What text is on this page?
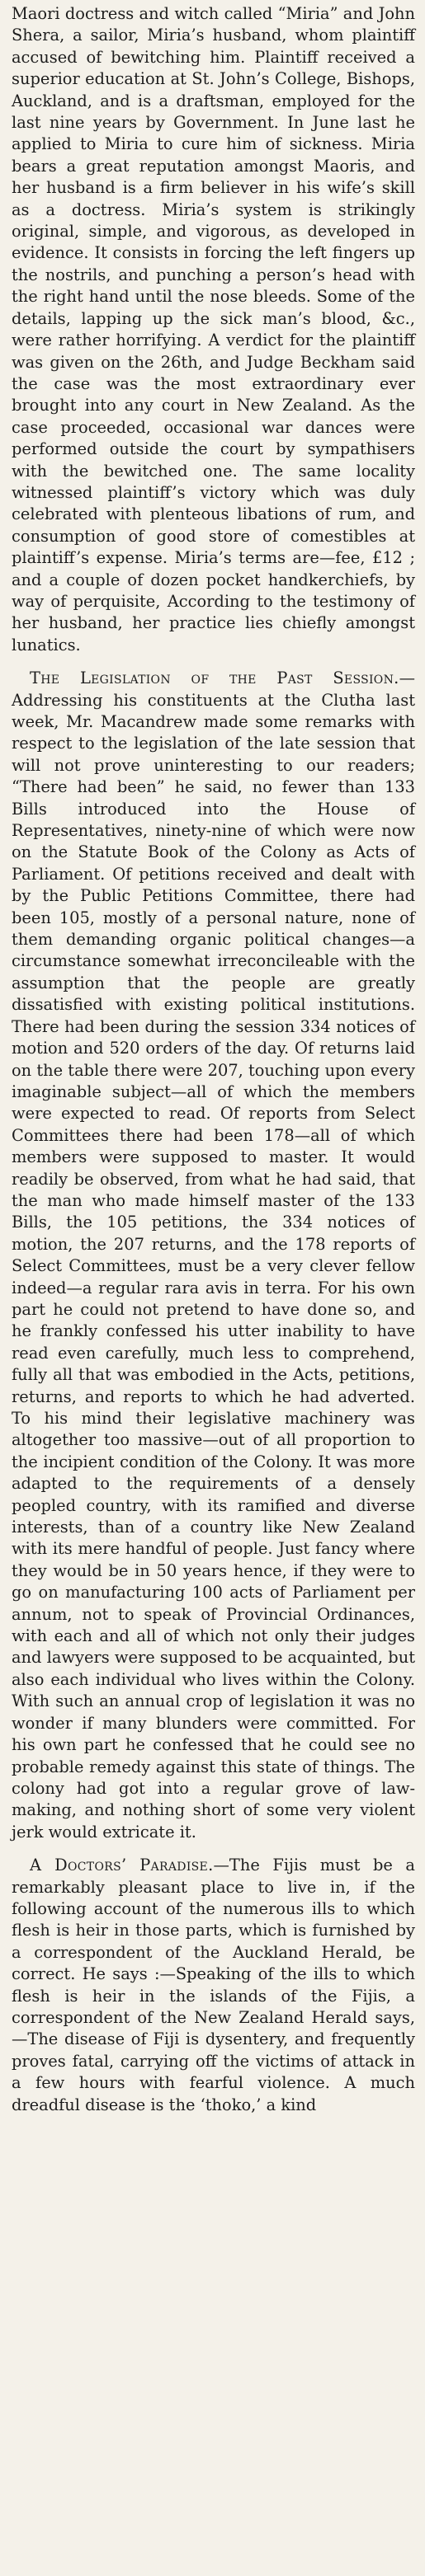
Maori doctress and witch called “Miria” and John Shera, a sailor, Miria’s husband, whom plaintiff accused of bewitching him. Plaintiff received a superior education at St. John’s College, Bishops, Auckland, and is a draftsman, employed for the last nine years by Government. In June last he applied to Miria to cure him of sickness. Miria bears a great reputation amongst Maoris, and her husband is a firm believer in his wife’s skill as a doctress. Miria’s system is strikingly original, simple, and vigorous, as developed in evidence. It consists in forcing the left fingers up the nostrils, and punching a person’s head with the right hand until the nose bleeds. Some of the details, lapping up the sick man’s blood, &c., were rather horrifying. A verdict for the plaintiff was given on the 26th, and Judge Beckham said the case was the most extraordinary ever brought into any court in New Zealand. As the case proceeded, occasional war dances were performed outside the court by sympathisers with the bewitched one. The same locality witnessed plaintiff’s victory which was duly celebrated with plenteous libations of rum, and consumption of good store of comestibles at plaintiff’s expense. Miria’s terms are—fee, £12 ; and a couple of dozen pocket handkerchiefs, by way of perquisite, According to the testimony of her husband, her practice lies chiefly amongst lunatics.

The Legislation of the Past Session.—Addressing his constituents at the Clutha last week, Mr. Macandrew made some remarks with respect to the legislation of the late session that will not prove uninteresting to our readers; “There had been” he said, no fewer than 133 Bills introduced into the House of Representatives, ninety-nine of which were now on the Statute Book of the Colony as Acts of Parliament. Of petitions received and dealt with by the Public Petitions Committee, there had been 105, mostly of a personal nature, none of them demanding organic political changes—a circumstance somewhat irreconcileable with the assumption that the people are greatly dissatisfied with existing political institutions. There had been during the session 334 notices of motion and 520 orders of the day. Of returns laid on the table there were 207, touching upon every imaginable subject—all of which the members were expected to read. Of reports from Select Committees there had been 178—all of which members were supposed to master. It would readily be observed, from what he had said, that the man who made himself master of the 133 Bills, the 105 petitions, the 334 notices of motion, the 207 returns, and the 178 reports of Select Committees, must be a very clever fellow indeed—a regular rara avis in terra. For his own part he could not pretend to have done so, and he frankly confessed his utter inability to have read even carefully, much less to comprehend, fully all that was embodied in the Acts, petitions, returns, and reports to which he had adverted. To his mind their legislative machinery was altogether too massive—out of all proportion to the incipient condition of the Colony. It was more adapted to the requirements of a densely peopled country, with its ramified and diverse interests, than of a country like New Zealand with its mere handful of people. Just fancy where they would be in 50 years hence, if they were to go on manufacturing 100 acts of Parliament per annum, not to speak of Provincial Ordinances, with each and all of which not only their judges and lawyers were supposed to be acquainted, but also each individual who lives within the Colony. With such an annual crop of legislation it was no wonder if many blunders were committed. For his own part he confessed that he could see no probable remedy against this state of things. The colony had got into a regular grove of law-making, and nothing short of some very violent jerk would extricate it.

A Doctors’ Paradise.—The Fijis must be a remarkably pleasant place to live in, if the following account of the numerous ills to which flesh is heir in those parts, which is furnished by a correspondent of the Auckland Herald, be correct. He says :—Speaking of the ills to which flesh is heir in the islands of the Fijis, a correspondent of the New Zealand Herald says,—The disease of Fiji is dysentery, and frequently proves fatal, carrying off the victims of attack in a few hours with fearful violence. A much dreadful disease is the ‘thoko,’ a kind
